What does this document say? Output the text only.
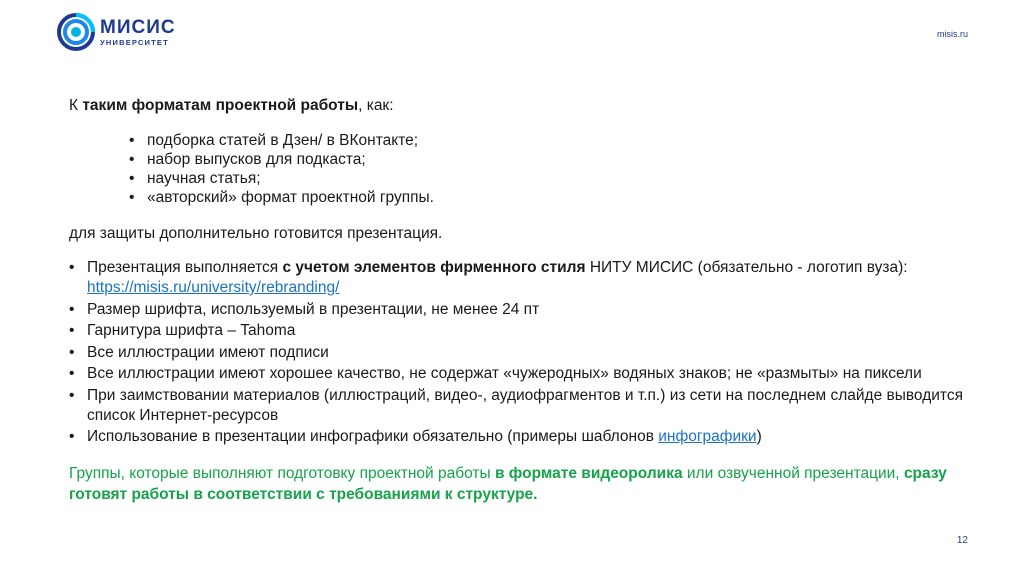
МИСИС
УНИВЕРСИТЕТ
misis.ru

К таким форматам проектной работы, как:

• подборка статей в Дзен/ в ВКонтакте;
• набор выпусков для подкаста;
• научная статья;
• «авторский» формат проектной группы.
для защиты дополнительно готовится презентация.
• Презентация выполняется с учетом элементов фирменного стиля НИТУ МИСИС (обязательно - логотип вуза):
https://misis.ru/university/rebranding/
• Размер шрифта, используемый в презентации, не менее 24 пт
• Гарнитура шрифта – Tahoma
• Все иллюстрации имеют подписи
• Все иллюстрации имеют хорошее качество, не содержат «чужеродных» водяных знаков; не «размыты» на пиксели
• При заимствовании материалов (иллюстраций, видео-, аудиофрагментов и т.п.) из сети на последнем слайде выводится список Интернет-ресурсов
• Использование в презентации инфографики обязательно (примеры шаблонов инфографики)
Группы, которые выполняют подготовку проектной работы в формате видеоролика или озвученной презентации, сразу готовят работы в соответствии с требованиями к структуре.
12
